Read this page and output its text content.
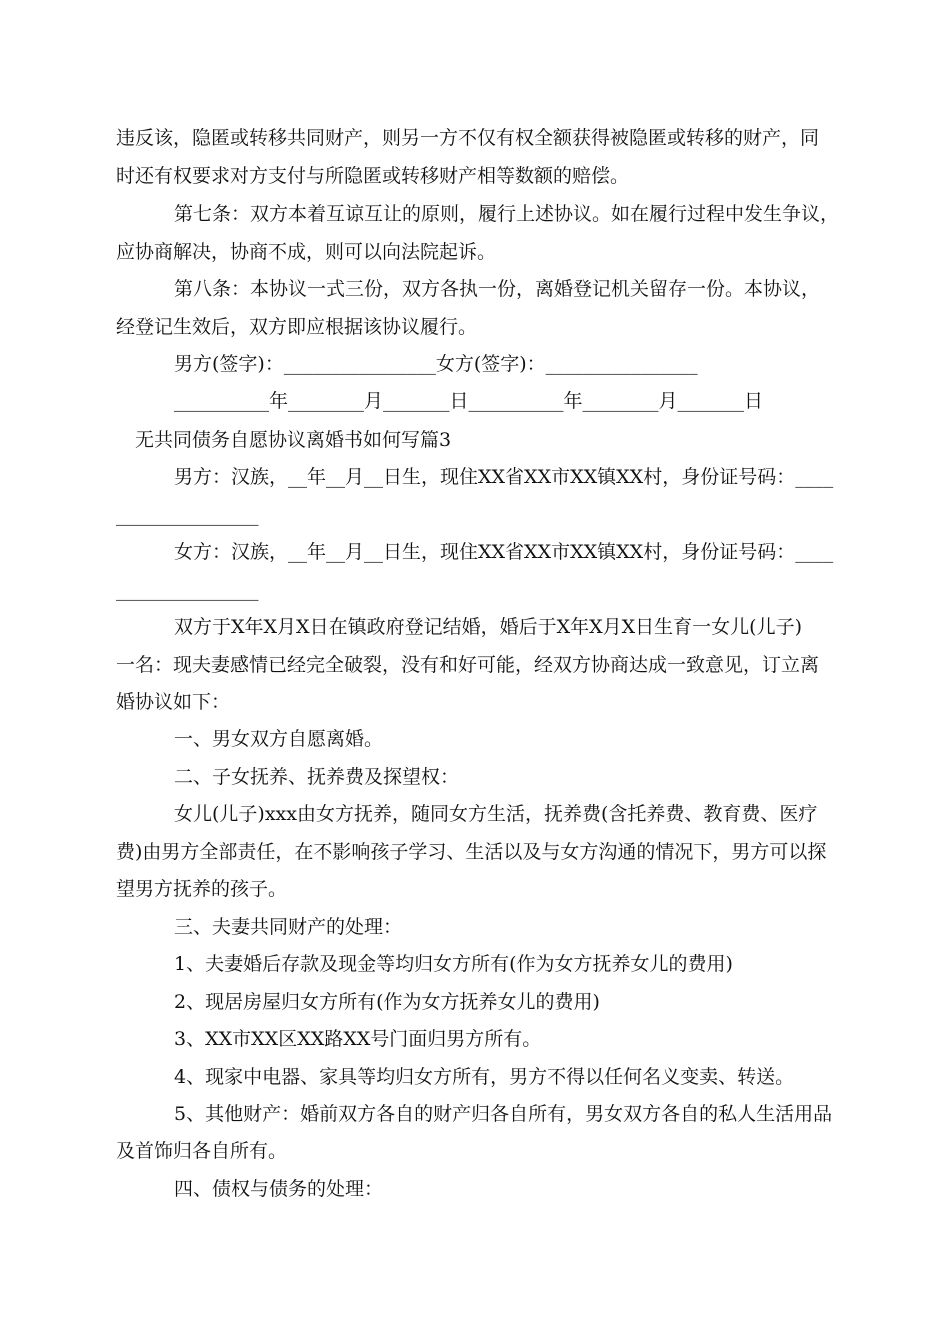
违反该，隐匿或转移共同财产，则另一方不仅有权全额获得被隐匿或转移的财产，同

时还有权要求对方支付与所隐匿或转移财产相等数额的赔偿。

第七条：双方本着互谅互让的原则，履行上述协议。如在履行过程中发生争议，

应协商解决，协商不成，则可以向法院起诉。

第八条：本协议一式三份，双方各执一份，离婚登记机关留存一份。本协议，

经登记生效后，双方即应根据该协议履行。

男方(签字)：________________女方(签字)：________________

__________年________月_______日__________年________月_______日

无共同债务自愿协议离婚书如何写篇3

男方：汉族，__年__月__日生，现住XX省XX市XX镇XX村，身份证号码：____

_______________

女方：汉族，__年__月__日生，现住XX省XX市XX镇XX村，身份证号码：____

_______________

双方于X年X月X日在镇政府登记结婚，婚后于X年X月X日生育一女儿(儿子)

一名：现夫妻感情已经完全破裂，没有和好可能，经双方协商达成一致意见，订立离

婚协议如下：

一、男女双方自愿离婚。

二、子女抚养、抚养费及探望权：

女儿(儿子)xxx由女方抚养，随同女方生活，抚养费(含托养费、教育费、医疗

费)由男方全部责任，在不影响孩子学习、生活以及与女方沟通的情况下，男方可以探

望男方抚养的孩子。

三、夫妻共同财产的处理：

1、夫妻婚后存款及现金等均归女方所有(作为女方抚养女儿的费用)

2、现居房屋归女方所有(作为女方抚养女儿的费用)

3、XX市XX区XX路XX号门面归男方所有。

4、现家中电器、家具等均归女方所有，男方不得以任何名义变卖、转送。

5、其他财产：婚前双方各自的财产归各自所有，男女双方各自的私人生活用品

及首饰归各自所有。

四、债权与债务的处理：
